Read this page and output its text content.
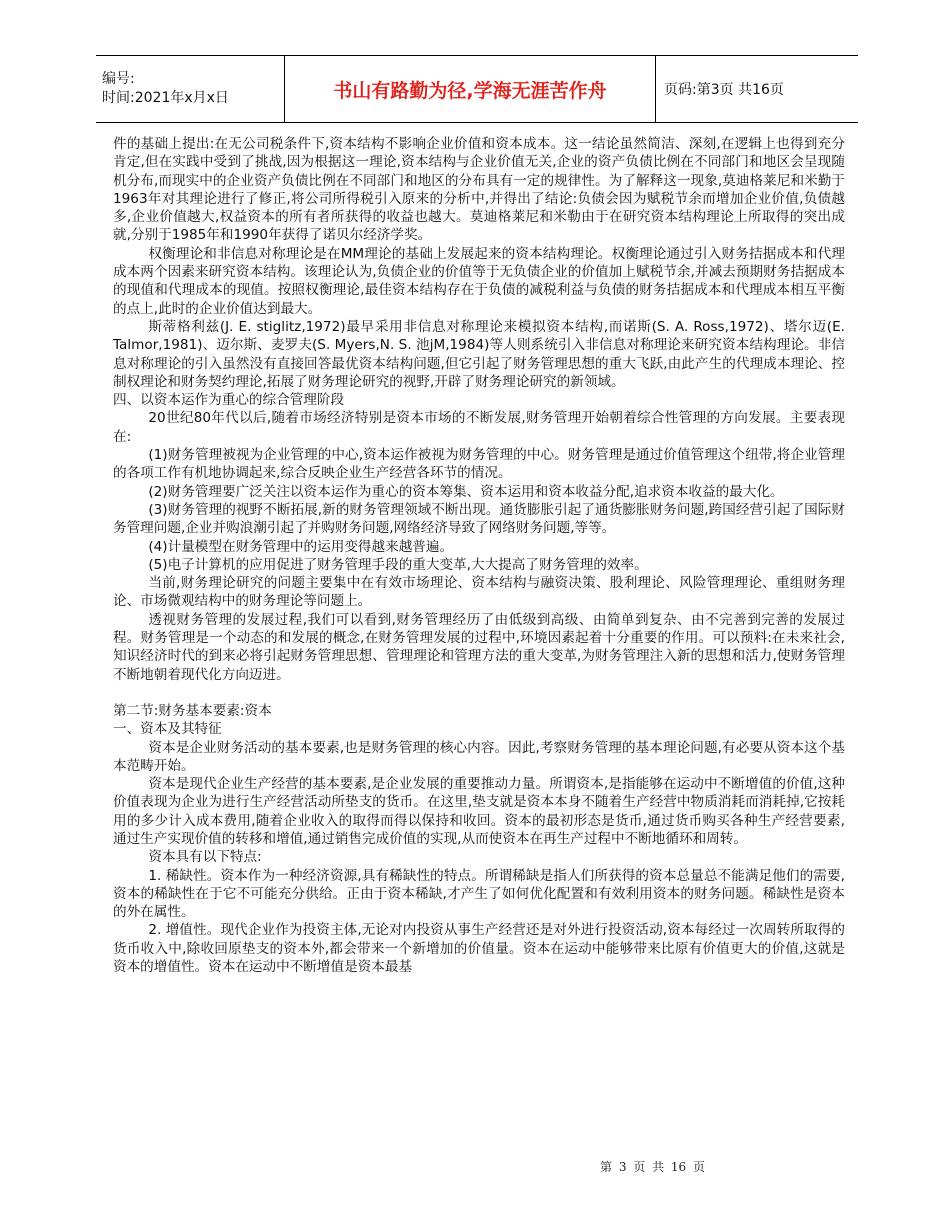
编号:
时间:2021年x月x日	书山有路勤为径,学海无涯苦作舟	页码:第3页 共16页

件的基础上提出:在无公司税条件下,资本结构不影响企业价值和资本成本。这一结论虽然简洁、深刻,在逻辑上也得到充分肯定,但在实践中受到了挑战,因为根据这一理论,资本结构与企业价值无关,企业的资产负债比例在不同部门和地区会呈现随机分布,而现实中的企业资产负债比例在不同部门和地区的分布具有一定的规律性。为了解释这一现象,莫迪格莱尼和米勤于1963年对其理论进行了修正,将公司所得税引入原来的分析中,并得出了结论:负债会因为赋税节余而增加企业价值,负债越多,企业价值越大,权益资本的所有者所获得的收益也越大。莫迪格莱尼和米勒由于在研究资本结构理论上所取得的突出成就,分别于1985年和1990年获得了诺贝尔经济学奖。

权衡理论和非信息对称理论是在MM理论的基础上发展起来的资本结构理论。权衡理论通过引入财务拮据成本和代理成本两个因素来研究资本结构。该理论认为,负债企业的价值等于无负债企业的价值加上赋税节余,并减去预期财务拮据成本的现值和代理成本的现值。按照权衡理论,最佳资本结构存在于负债的减税利益与负债的财务拮据成本和代理成本相互平衡的点上,此时的企业价值达到最大。

斯蒂格利兹(J. E. stiglitz,1972)最早采用非信息对称理论来模拟资本结构,而诺斯(S. A. Ross,1972)、塔尔迈(E. Talmor,1981)、迈尔斯、麦罗夫(S. Myers,N. S. 池jM,1984)等人则系统引入非信息对称理论来研究资本结构理论。非信息对称理论的引入虽然没有直接回答最优资本结构问题,但它引起了财务管理思想的重大飞跃,由此产生的代理成本理论、控制权理论和财务契约理论,拓展了财务理论研究的视野,开辟了财务理论研究的新领域。

四、以资本运作为重心的综合管理阶段

20世纪80年代以后,随着市场经济特别是资本市场的不断发展,财务管理开始朝着综合性管理的方向发展。主要表现在:

(1)财务管理被视为企业管理的中心,资本运作被视为财务管理的中心。财务管理是通过价值管理这个纽带,将企业管理的各项工作有机地协调起来,综合反映企业生产经营各环节的情况。

(2)财务管理要广泛关注以资本运作为重心的资本筹集、资本运用和资本收益分配,追求资本收益的最大化。

(3)财务管理的视野不断拓展,新的财务管理领域不断出现。通货膨胀引起了通货膨胀财务问题,跨国经营引起了国际财务管理问题,企业并购浪潮引起了并购财务问题,网络经济导致了网络财务问题,等等。

(4)计量模型在财务管理中的运用变得越来越普遍。

(5)电子计算机的应用促进了财务管理手段的重大变革,大大提高了财务管理的效率。

当前,财务理论研究的问题主要集中在有效市场理论、资本结构与融资决策、股利理论、风险管理理论、重组财务理论、市场微观结构中的财务理论等问题上。

透视财务管理的发展过程,我们可以看到,财务管理经历了由低级到高级、由简单到复杂、由不完善到完善的发展过程。财务管理是一个动态的和发展的概念,在财务管理发展的过程中,环境因素起着十分重要的作用。可以预料:在未来社会,知识经济时代的到来必将引起财务管理思想、管理理论和管理方法的重大变革,为财务管理注入新的思想和活力,使财务管理不断地朝着现代化方向迈进。

第二节:财务基本要素:资本

一、资本及其特征

资本是企业财务活动的基本要素,也是财务管理的核心内容。因此,考察财务管理的基本理论问题,有必要从资本这个基本范畴开始。

资本是现代企业生产经营的基本要素,是企业发展的重要推动力量。所谓资本,是指能够在运动中不断增值的价值,这种价值表现为企业为进行生产经营活动所垫支的货币。在这里,垫支就是资本本身不随着生产经营中物质消耗而消耗掉,它按耗用的多少计入成本费用,随着企业收入的取得而得以保持和收回。资本的最初形态是货币,通过货币购买各种生产经营要素,通过生产实现价值的转移和增值,通过销售完成价值的实现,从而使资本在再生产过程中不断地循环和周转。

资本具有以下特点:

1. 稀缺性。资本作为一种经济资源,具有稀缺性的特点。所谓稀缺是指人们所获得的资本总量总不能满足他们的需要,资本的稀缺性在于它不可能充分供给。正由于资本稀缺,才产生了如何优化配置和有效利用资本的财务问题。稀缺性是资本的外在属性。

2. 增值性。现代企业作为投资主体,无论对内投资从事生产经营还是对外进行投资活动,资本每经过一次周转所取得的货币收入中,除收回原垫支的资本外,都会带来一个新增加的价值量。资本在运动中能够带来比原有价值更大的价值,这就是资本的增值性。资本在运动中不断增值是资本最基

第 3 页 共 16 页
